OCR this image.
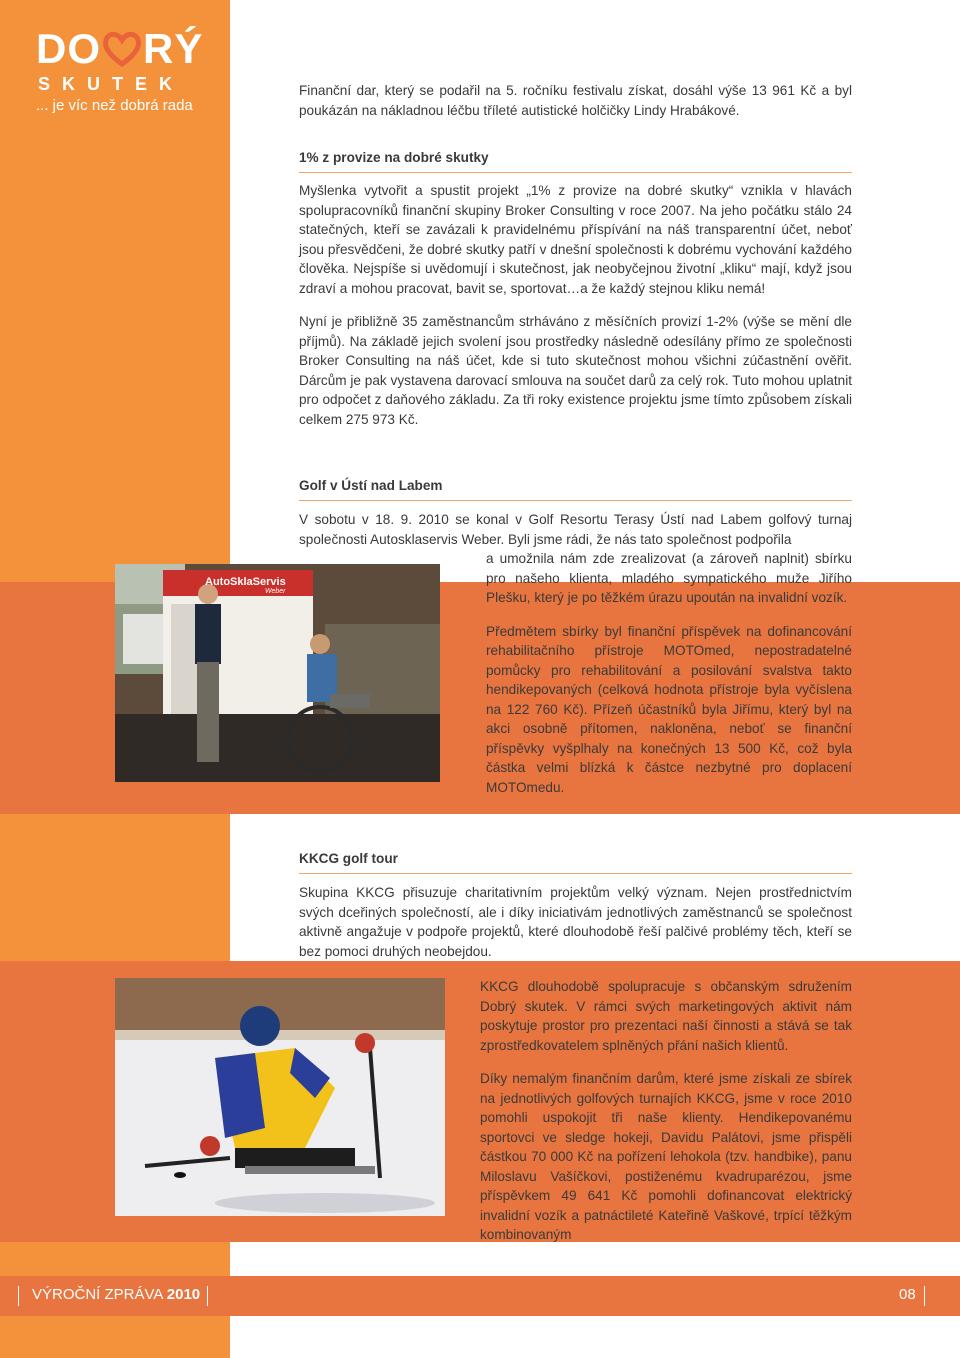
DO RÝ
SKUTEK
... je víc než dobrá rada

Finanční dar, který se podařil na 5. ročníku festivalu získat, dosáhl výše 13 961 Kč a byl poukázán na nákladnou léčbu tříleté autistické holčičky Lindy Hrabákové.

1% z provize na dobré skutky

Myšlenka vytvořit a spustit projekt „1% z provize na dobré skutky“ vznikla v hlavách spolupracovníků finanční skupiny Broker Consulting v roce 2007. Na jeho počátku stálo 24 statečných, kteří se zavázali k pravidelnému příspívání na náš transparentní účet, neboť jsou přesvědčeni, že dobré skutky patří v dnešní společnosti k dobrému vychování každého člověka. Nejspíše si uvědomují i skutečnost, jak neobyčejnou životní „kliku“ mají, když jsou zdraví a mohou pracovat, bavit se, sportovat…a že každý stejnou kliku nemá!

Nyní je přibližně 35 zaměstnancům strháváno z měsíčních provizí 1-2% (výše se mění dle příjmů). Na základě jejich svolení jsou prostředky následně odesílány přímo ze společnosti Broker Consulting na náš účet, kde si tuto skutečnost mohou všichni zúčastnění ověřit. Dárcům je pak vystavena darovací smlouva na součet darů za celý rok. Tuto mohou uplatnit pro odpočet z daňového základu. Za tři roky existence projektu jsme tímto způsobem získali celkem 275 973 Kč.

Golf v Ústí nad Labem

V sobotu v 18. 9. 2010 se konal v Golf Resortu Terasy Ústí nad Labem golfový turnaj společnosti Autosklaservis Weber. Byli jsme rádi, že nás tato společnost podpořila

a umožnila nám zde zrealizovat (a zároveň naplnit) sbírku pro našeho klienta, mladého sympatického muže Jiřího Plešku, který je po těžkém úrazu upoután na invalidní vozík.

Předmětem sbírky byl finanční příspěvek na dofinancování rehabilitačního přístroje MOTOmed, nepostradatelné pomůcky pro rehabilitování a posilování svalstva takto hendikepovaných (celková hodnota přístroje byla vyčíslena na 122 760 Kč). Přízeň účastníků byla Jiřímu, který byl na akci osobně přítomen, nakloněna, neboť se finanční příspěvky vyšplhaly na konečných 13 500 Kč, což byla částka velmi blízká k částce nezbytné pro doplacení MOTOmedu.

AutoSklaServis
Weber
KKCG golf tour

Skupina KKCG přisuzuje charitativním projektům velký význam. Nejen prostřednictvím svých dceřiných společností, ale i díky iniciativám jednotlivých zaměstnanců se společnost aktivně angažuje v podpoře projektů, které dlouhodobě řeší palčivé problémy těch, kteří se bez pomoci druhých neobejdou.

KKCG dlouhodobě spolupracuje s občanským sdružením Dobrý skutek. V rámci svých marketingových aktivit nám poskytuje prostor pro prezentaci naší činnosti a stává se tak zprostředkovatelem splněných přání našich klientů.

Díky nemalým finančním darům, které jsme získali ze sbírek na jednotlivých golfových turnajích KKCG, jsme v roce 2010 pomohli uspokojit tři naše klienty. Hendikepovanému sportovci ve sledge hokeji, Davidu Palátovi, jsme přispěli částkou 70 000 Kč na pořízení lehokola (tzv. handbike), panu Miloslavu Vašíčkovi, postiženému kvadruparézou, jsme příspěvkem 49 641 Kč pomohli dofinancovat elektrický invalidní vozík a patnáctileté Kateřině Vaškové, trpící těžkým kombinovaným

VÝROČNÍ ZPRÁVA 2010	08
